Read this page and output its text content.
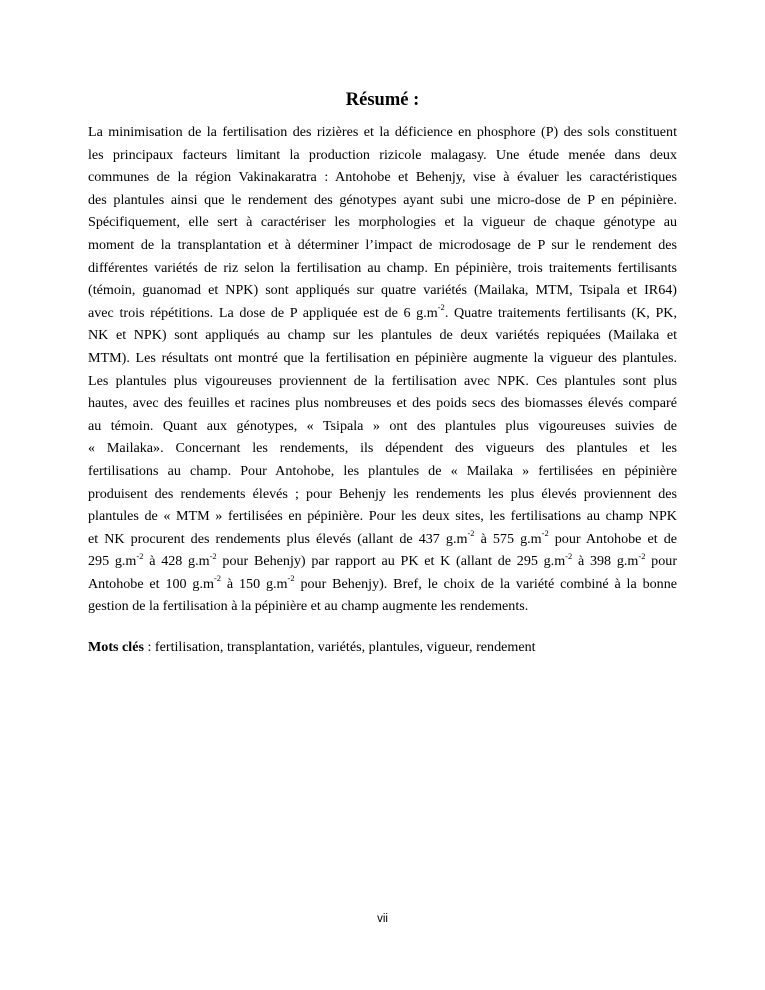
Résumé :
La minimisation de la fertilisation des rizières et la déficience en phosphore (P) des sols constituent
les principaux facteurs limitant la production rizicole malagasy. Une étude menée dans deux
communes de la région Vakinakaratra : Antohobe et Behenjy, vise à évaluer les caractéristiques
des plantules ainsi que le rendement des génotypes ayant subi une micro-dose de P en pépinière.
Spécifiquement, elle sert à caractériser les morphologies et la vigueur de chaque génotype au
moment de la transplantation et à déterminer l’impact de microdosage de P sur le rendement des
différentes variétés de riz selon la fertilisation au champ. En pépinière, trois traitements fertilisants
(témoin, guanomad et NPK) sont appliqués sur quatre variétés (Mailaka, MTM, Tsipala et IR64)
avec trois répétitions. La dose de P appliquée est de 6 $g.m^{-2}$. Quatre traitements fertilisants (K, PK,
NK et NPK) sont appliqués au champ sur les plantules de deux variétés repiquées (Mailaka et
MTM). Les résultats ont montré que la fertilisation en pépinière augmente la vigueur des plantules.
Les plantules plus vigoureuses proviennent de la fertilisation avec NPK. Ces plantules sont plus
hautes, avec des feuilles et racines plus nombreuses et des poids secs des biomasses élevés comparé
au témoin. Quant aux génotypes, « Tsipala » ont des plantules plus vigoureuses suivies de
« Mailaka». Concernant les rendements, ils dépendent des vigueurs des plantules et les
fertilisations au champ. Pour Antohobe, les plantules de « Mailaka » fertilisées en pépinière
produisent des rendements élevés ; pour Behenjy les rendements les plus élevés proviennent des
plantules de « MTM » fertilisées en pépinière. Pour les deux sites, les fertilisations au champ NPK
et NK procurent des rendements plus élevés (allant de 437 $g.m^{-2}$ à 575 $g.m^{-2}$ pour Antohobe et de
295 $g.m^{-2}$ à 428 $g.m^{-2}$ pour Behenjy) par rapport au PK et K (allant de 295 $g.m^{-2}$ à 398 $g.m^{-2}$ pour
Antohobe et 100 $g.m^{-2}$ à 150 $g.m^{-2}$ pour Behenjy). Bref, le choix de la variété combiné à la bonne
gestion de la fertilisation à la pépinière et au champ augmente les rendements.

Mots clés : fertilisation, transplantation, variétés, plantules, vigueur, rendement

vii
